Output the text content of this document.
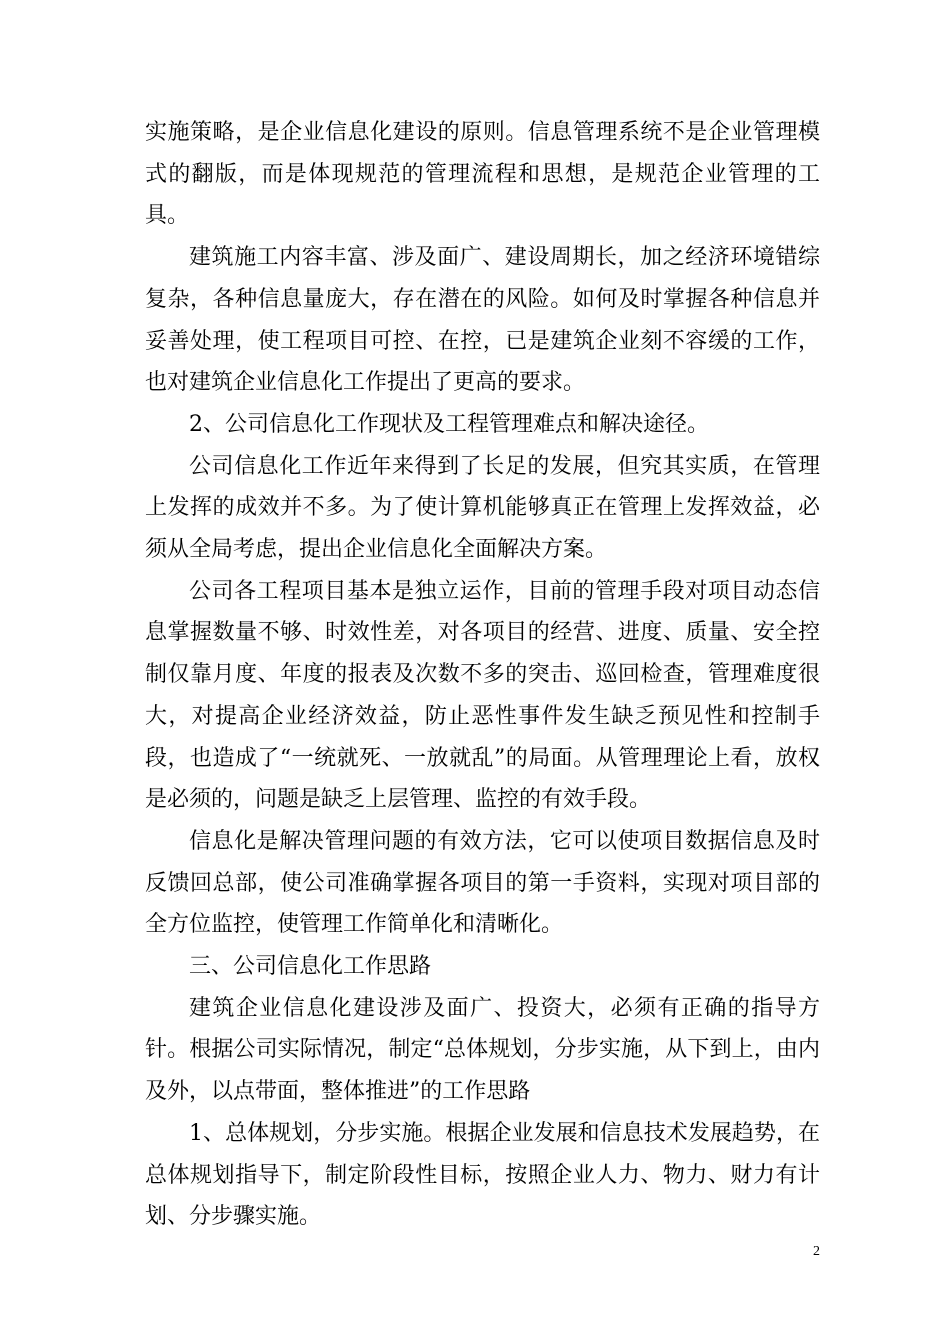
实施策略，是企业信息化建设的原则。信息管理系统不是企业管理模式的翻版，而是体现规范的管理流程和思想，是规范企业管理的工具。

建筑施工内容丰富、涉及面广、建设周期长，加之经济环境错综复杂，各种信息量庞大，存在潜在的风险。如何及时掌握各种信息并妥善处理，使工程项目可控、在控，已是建筑企业刻不容缓的工作，也对建筑企业信息化工作提出了更高的要求。

2、公司信息化工作现状及工程管理难点和解决途径。

公司信息化工作近年来得到了长足的发展，但究其实质，在管理上发挥的成效并不多。为了使计算机能够真正在管理上发挥效益，必须从全局考虑，提出企业信息化全面解决方案。

公司各工程项目基本是独立运作，目前的管理手段对项目动态信息掌握数量不够、时效性差，对各项目的经营、进度、质量、安全控制仅靠月度、年度的报表及次数不多的突击、巡回检查，管理难度很大，对提高企业经济效益，防止恶性事件发生缺乏预见性和控制手段，也造成了“一统就死、一放就乱”的局面。从管理理论上看，放权是必须的，问题是缺乏上层管理、监控的有效手段。

信息化是解决管理问题的有效方法，它可以使项目数据信息及时反馈回总部，使公司准确掌握各项目的第一手资料，实现对项目部的全方位监控，使管理工作简单化和清晰化。

三、公司信息化工作思路

建筑企业信息化建设涉及面广、投资大，必须有正确的指导方针。根据公司实际情况，制定“总体规划，分步实施，从下到上，由内及外，以点带面，整体推进”的工作思路

1、总体规划，分步实施。根据企业发展和信息技术发展趋势，在总体规划指导下，制定阶段性目标，按照企业人力、物力、财力有计划、分步骤实施。

2
